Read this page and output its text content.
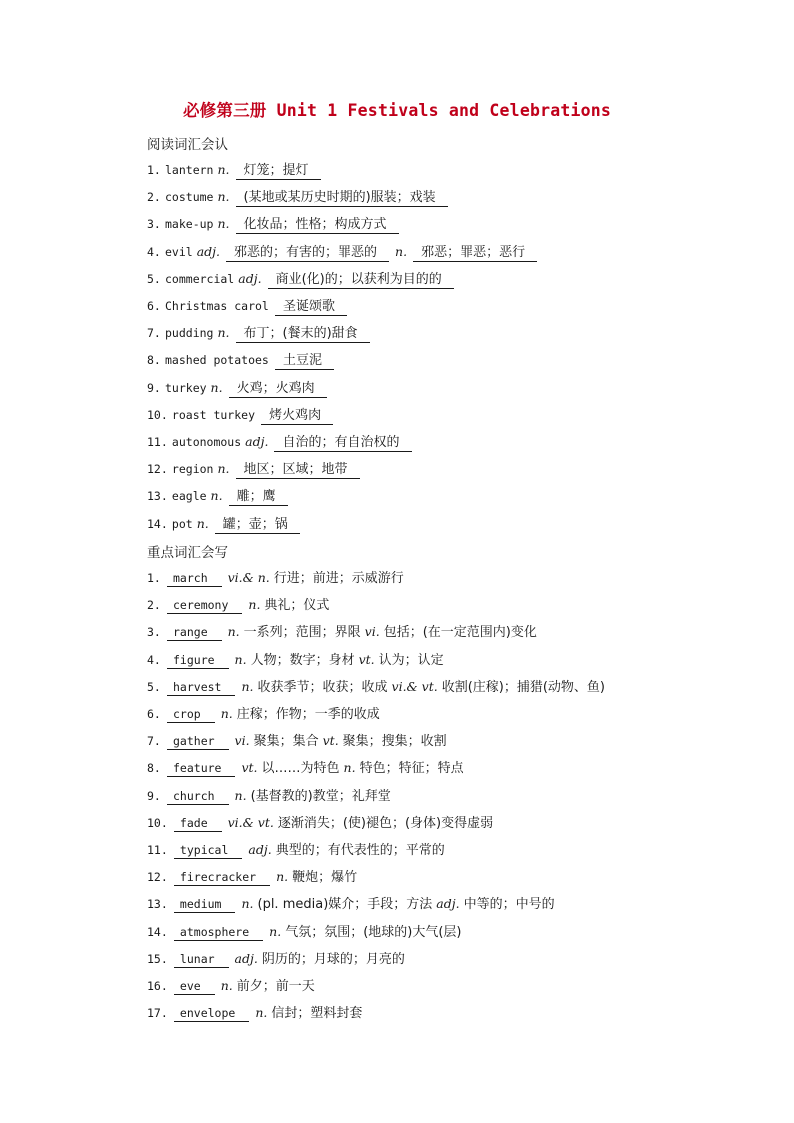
必修第三册 Unit 1 Festivals and Celebrations
阅读词汇会认
1. lantern n. 灯笼；提灯
2. costume n. (某地或某历史时期的)服装；戏装
3. make-up n. 化妆品；性格；构成方式
4. evil adj. 邪恶的；有害的；罪恶的 n. 邪恶；罪恶；恶行
5. commercial adj. 商业(化)的；以获利为目的的
6. Christmas carol 圣诞颂歌
7. pudding n. 布丁；(餐末的)甜食
8. mashed potatoes 土豆泥
9. turkey n. 火鸡；火鸡肉
10. roast turkey 烤火鸡肉
11. autonomous adj. 自治的；有自治权的
12. region n. 地区；区域；地带
13. eagle n. 雕；鹰
14. pot n. 罐；壶；锅
重点词汇会写
1. march vi.& n. 行进；前进；示威游行
2. ceremony n. 典礼；仪式
3. range n. 一系列；范围；界限 vi. 包括；(在一定范围内)变化
4. figure n. 人物；数字；身材 vt. 认为；认定
5. harvest n. 收获季节；收获；收成 vi.& vt. 收割(庄稼)；捕猎(动物、鱼)
6. crop n. 庄稼；作物；一季的收成
7. gather vi. 聚集；集合 vt. 聚集；搜集；收割
8. feature vt. 以……为特色 n. 特色；特征；特点
9. church n. (基督教的)教堂；礼拜堂
10. fade vi.& vt. 逐渐消失；(使)褪色；(身体)变得虚弱
11. typical adj. 典型的；有代表性的；平常的
12. firecracker n. 鞭炮；爆竹
13. medium n. (pl. media)媒介；手段；方法 adj. 中等的；中号的
14. atmosphere n. 气氛；氛围；(地球的)大气(层)
15. lunar adj. 阴历的；月球的；月亮的
16. eve n. 前夕；前一天
17. envelope n. 信封；塑料封套
